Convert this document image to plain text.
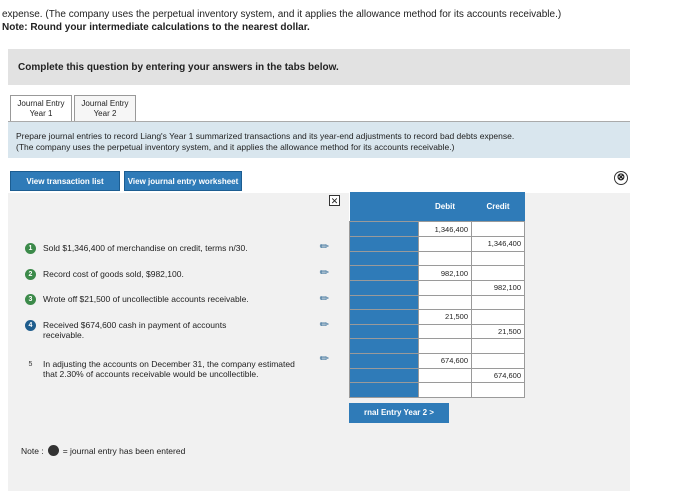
expense. (The company uses the perpetual inventory system, and it applies the allowance method for its accounts receivable.)
Note: Round your intermediate calculations to the nearest dollar.
Complete this question by entering your answers in the tabs below.
Journal Entry
Year 1
Journal Entry
Year 2
Prepare journal entries to record Liang's Year 1 summarized transactions and its year-end adjustments to record bad debts expense.
(The company uses the perpetual inventory system, and it applies the allowance method for its accounts receivable.)
View transaction list	View journal entry worksheet	⊗
✕
1	Sold $1,346,400 of merchandise on credit, terms n/30.
2	Record cost of goods sold, $982,100.
3	Wrote off $21,500 of uncollectible accounts receivable.
4	Received $674,600 cash in payment of accounts receivable.
5	In adjusting the accounts on December 31, the company estimated that 2.30% of accounts receivable would be uncollectible.
✎
✎
✎
✎
✎
	Debit	Credit
	1,346,400	
		1,346,400

	982,100	
		982,100

	21,500	
		21,500

	674,600	
		674,600

rnal Entry Year 2 >
Note : = journal entry has been entered
